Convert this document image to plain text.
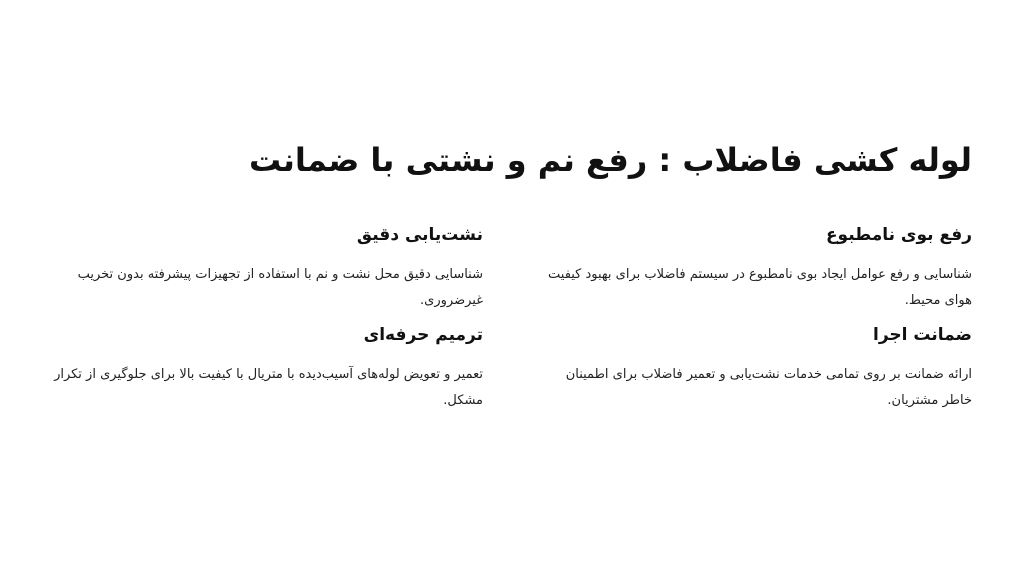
لوله کشی فاضلاب : رفع نم و نشتی با ضمانت
رفع بوی نامطبوع

شناسایی و رفع عوامل ایجاد بوی نامطبوع در سیستم فاضلاب برای بهبود کیفیت هوای محیط.

نشت‌یابی دقیق

شناسایی دقیق محل نشت و نم با استفاده از تجهیزات پیشرفته بدون تخریب غیرضروری.

ضمانت اجرا

ارائه ضمانت بر روی تمامی خدمات نشت‌یابی و تعمیر فاضلاب برای اطمینان خاطر مشتریان.

ترمیم حرفه‌ای

تعمیر و تعویض لوله‌های آسیب‌دیده با متریال با کیفیت بالا برای جلوگیری از تکرار مشکل.
